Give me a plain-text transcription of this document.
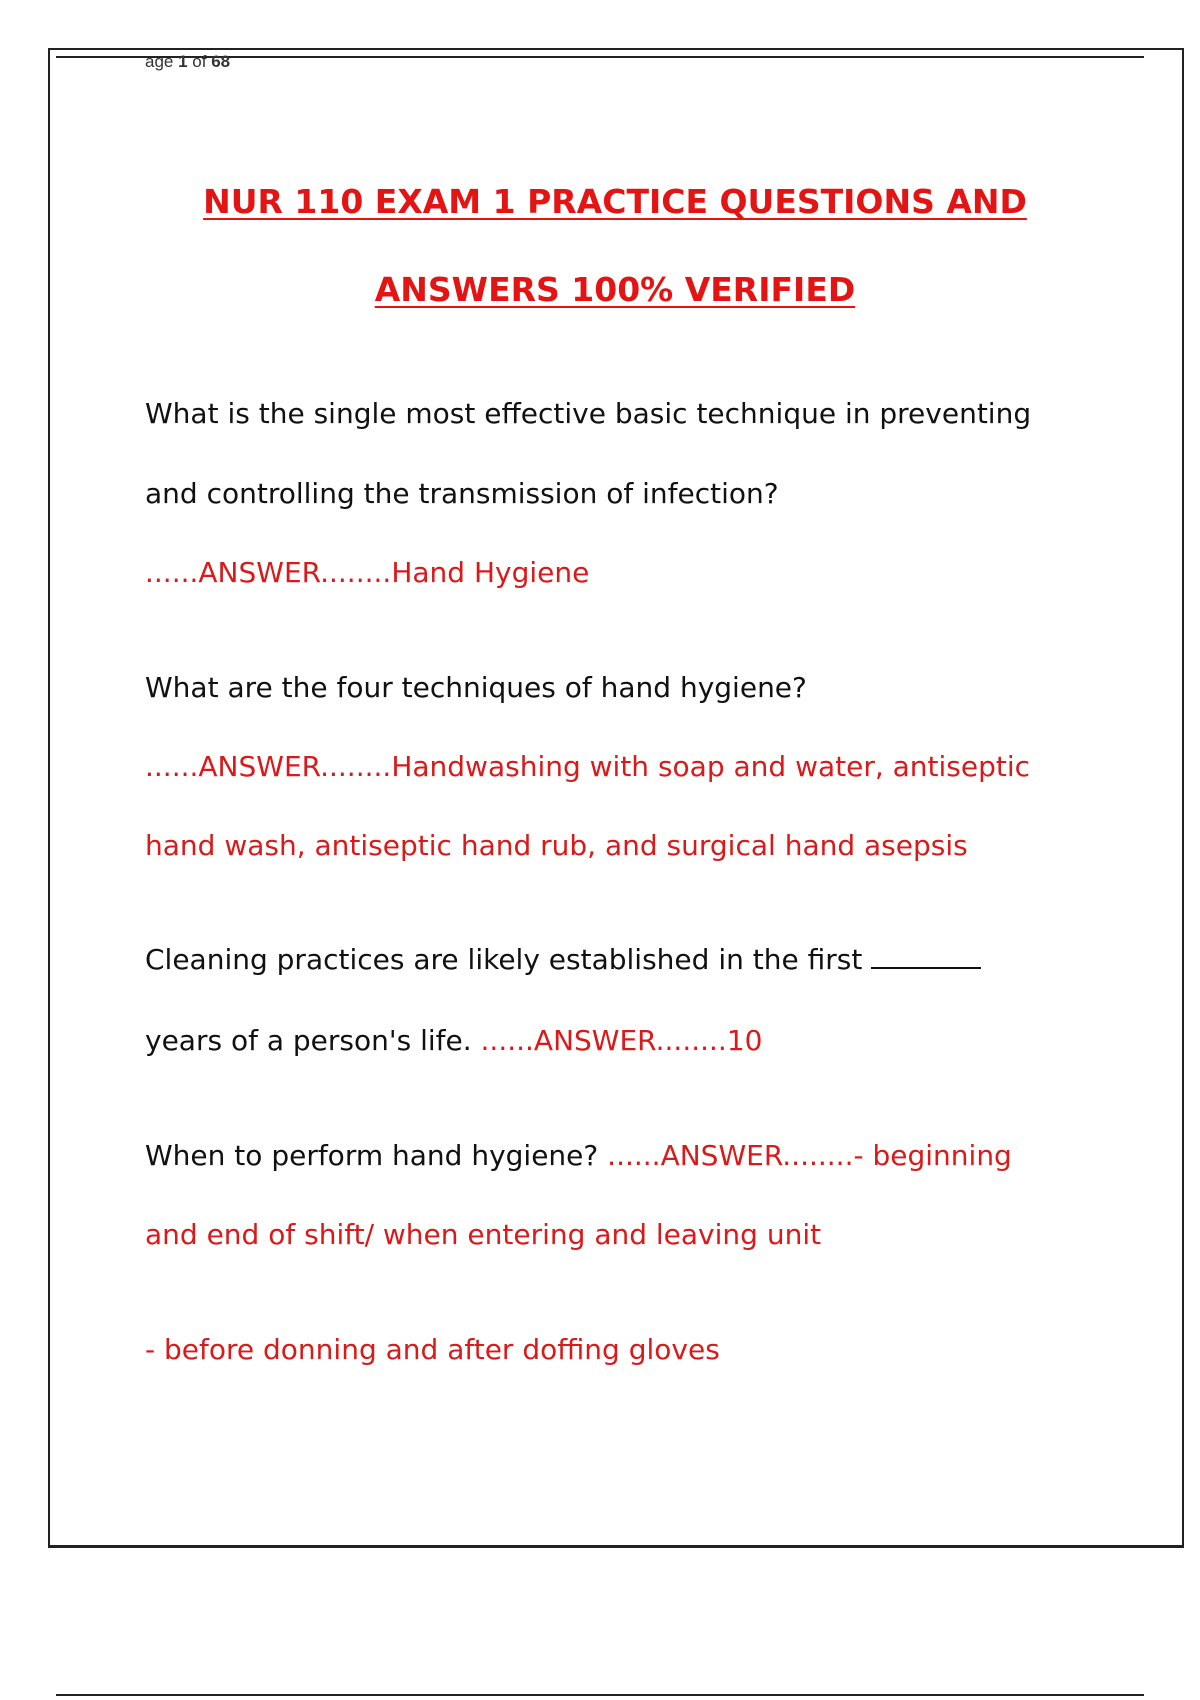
age 1 of 68
NUR 110 EXAM 1 PRACTICE QUESTIONS AND
ANSWERS 100% VERIFIED
What is the single most effective basic technique in preventing
and controlling the transmission of infection?
......ANSWER........Hand Hygiene
What are the four techniques of hand hygiene?
......ANSWER........Handwashing with soap and water, antiseptic
hand wash, antiseptic hand rub, and surgical hand asepsis
Cleaning practices are likely established in the first
years of a person's life. ......ANSWER........10
When to perform hand hygiene? ......ANSWER........- beginning
and end of shift/ when entering and leaving unit
- before donning and after doffing gloves
